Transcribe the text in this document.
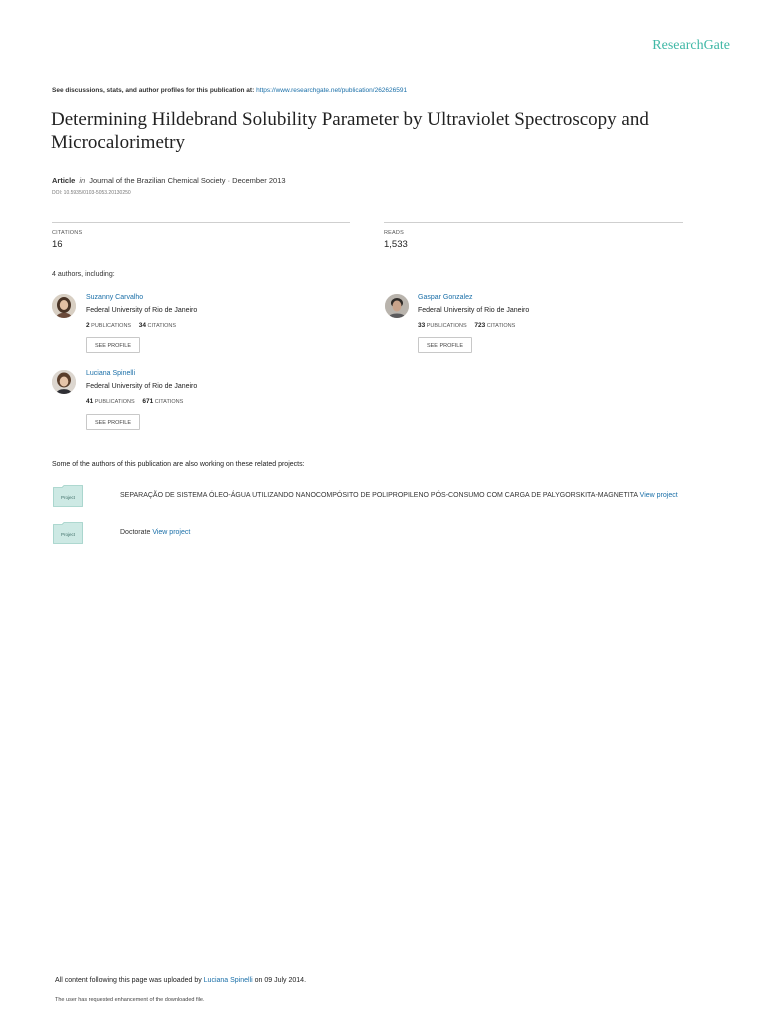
ResearchGate
See discussions, stats, and author profiles for this publication at: https://www.researchgate.net/publication/262626591
Determining Hildebrand Solubility Parameter by Ultraviolet Spectroscopy and Microcalorimetry
Article in Journal of the Brazilian Chemical Society · December 2013
DOI: 10.5935/0103-5053.20130250
CITATIONS
16
READS
1,533
4 authors, including:
Suzanny Carvalho
Federal University of Rio de Janeiro
2 PUBLICATIONS 34 CITATIONS
SEE PROFILE
Gaspar Gonzalez
Federal University of Rio de Janeiro
33 PUBLICATIONS 723 CITATIONS
SEE PROFILE
Luciana Spinelli
Federal University of Rio de Janeiro
41 PUBLICATIONS 671 CITATIONS
SEE PROFILE
Some of the authors of this publication are also working on these related projects:
Project	SEPARAÇÃO DE SISTEMA ÓLEO-ÁGUA UTILIZANDO NANOCOMPÓSITO DE POLIPROPILENO PÓS-CONSUMO COM CARGA DE PALYGORSKITA-MAGNETITA View project
Project	Doctorate View project
All content following this page was uploaded by Luciana Spinelli on 09 July 2014.
The user has requested enhancement of the downloaded file.
